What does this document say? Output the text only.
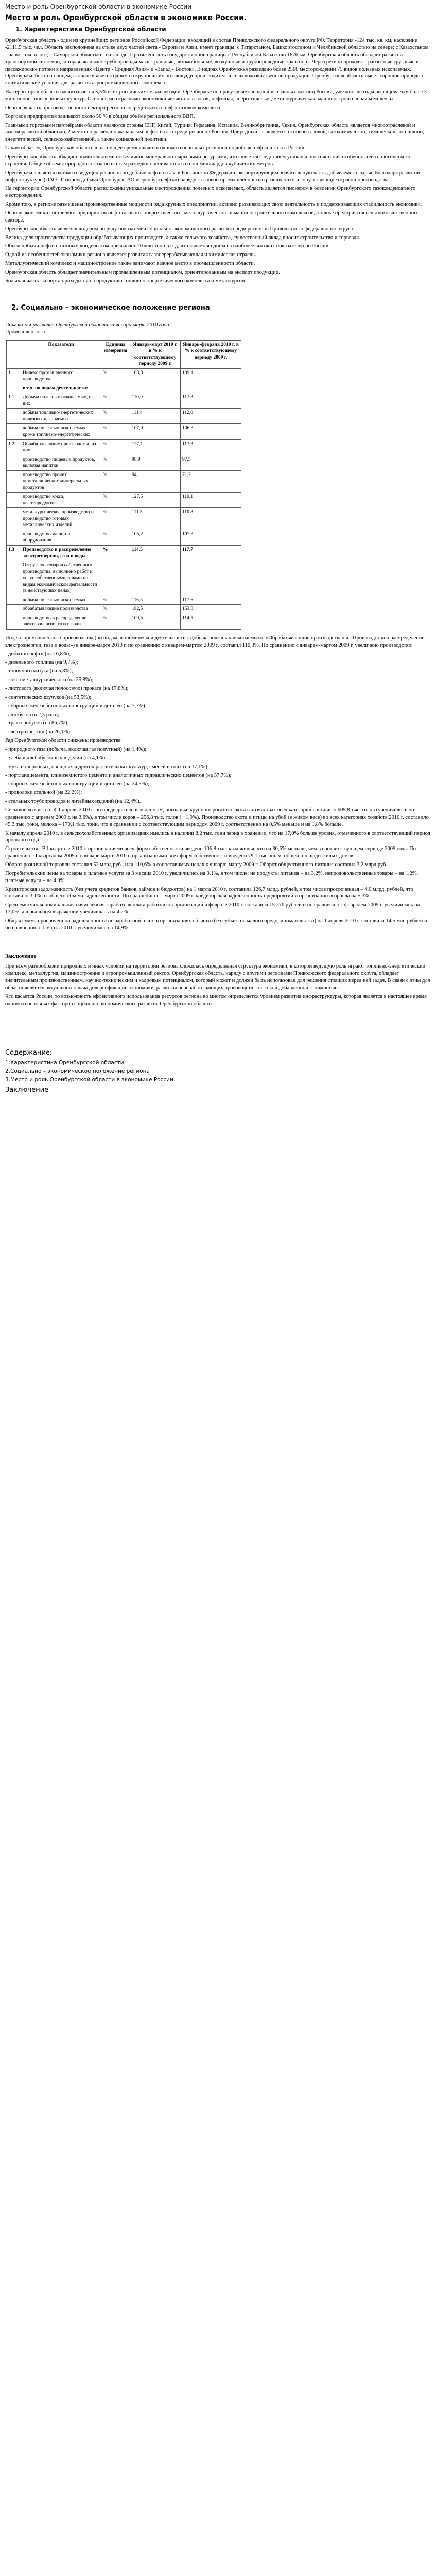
Место и роль Оренбургской области в экономике России
Место и роль Оренбургской области в экономике России.
1. Характеристика Оренбургской области

Оренбургская область - один из крупнейших регионов Российской Федерации, входящий в состав Приволжского федерального округа РФ. Территория -124 тыс. кв. км, население -2111,5 тыс. чел. Область расположена на стыке двух частей света - Европы и Азии, имеет границы: с Татарстаном, Башкортостаном и Челябинской областью на севере; с Казахстаном - на востоке и юге; с Самарской областью - на западе. Протяженность государственной границы с Республикой Казахстан 1876 км. Оренбургская область обладает развитой транспортной системой, которая включает трубопроводы магистральные, автомобильные, воздушные и трубопроводный транспорт. Через регион проходят транзитные грузовые и пассажирские потоки в направлениях «Центр - Средняя Азия» и «Запад - Восток». В недрах Оренбуржья разведано более 2500 месторождений 75 видов полезных ископаемых. Оренбуржье богато солнцем, а также является одним из крупнейших по площади производителей сельскохозяйственной продукции. Оренбургская область имеет хорошие природно-климатические условия для развития агропромышленного комплекса.

На территории области насчитывается 5,5% всех российских сельхозугодий. Оренбуржье по праву является одной из главных житниц России, уже многие годы выращивается более 3 миллионов тонн зерновых культур. Основными отраслями экономики являются: газовая, нефтяная, энергетическая, металлургическая, машиностроительная комплексы.

Основная часть производственного сектора региона сосредоточена в нефтегазовом комплексе.

Торговое предприятия занимают около 50 % в общем объёме регионального ВВП.

Главными торговыми партнёрами области являются страны СНГ, Китай, Турция, Германия, Испания, Великобритания, Чехия. Оренбургская область является многоотраслевой и высокоразвитой областью, 2 место по разведанным запасам нефти и газа среди регионов России. Природный газ является основой газовой, газохимической, химической, топливной, энергетической, сельскохозяйственной, а также социальной политики.

Таким образом, Оренбургская область в настоящее время является одним из основных регионов по добыче нефти и газа в России.

Оренбургская область обладает значительными по величине минерально-сырьевыми ресурсами, что является следствием уникального сочетания особенностей геологического строения. Общие объёмы природного газа по итогам разведки оцениваются в сотни миллиардов кубических метров.

Оренбуржье является одним из ведущих регионов по добыче нефти и газа в Российской Федерации, экспортирующим значительную часть добываемого сырья. Благодаря развитой инфраструктуре (ОАО «Газпром добыча Оренбург», АО «Оренбургнефть») наряду с газовой промышленностью развиваются и сопутствующие отрасли производства.

На территории Оренбургской области расположены уникальные месторождения полезных ископаемых, область является пионером в освоении Оренбургского газоконденсатного месторождения.

Кроме того, в регионе размещены производственные мощности ряда крупных предприятий, активно развивающих свою деятельность и поддерживающих стабильность экономики.

Основу экономики составляют предприятия нефтегазового, энергетического, металлургического и машиностроительного комплексов, а также предприятия сельскохозяйственного сектора.

Оренбургская область является лидером по ряду показателей социально-экономического развития среди регионов Приволжского федерального округа.

Велика доля производства продукции обрабатывающих производств, а также сельского хозяйства, существенный вклад вносит строительство и торговля.

Объём добычи нефти с газовым конденсатом превышает 20 млн тонн в год, что является одним из наиболее высоких показателей по России.

Одной из особенностей экономики региона является развитая газоперерабатывающая и химическая отрасль.

Металлургический комплекс и машиностроение также занимают важное место в промышленности области.

Оренбургская область обладает значительным промышленным потенциалом, ориентированным на экспорт продукции.

Большая часть экспорта приходится на продукцию топливно-энергетического комплекса и металлургии.

2. Социально – экономическое положение региона
Показатели развития Оренбургской области за январь-март 2010 года
Промышленность
	Показатели	Единица измерения	Январь-март 2010 г. в % к соответствующему периоду 2009 г.	Январь-февраль 2010 г. в % к соответствующему периоду 2009 г.
1.	Индекс промышленного производства	%	108,3	109,1
	в т.ч. по видам деятельности:			
1.1	Добыча полезных ископаемых, из них	%	110,0	117,3
	добыча топливно-энергетических полезных ископаемых	%	111,4	112,0
	добыча полезных ископаемых, кроме топливно-энергетических	%	107,9	106,3
1.2	Обрабатывающие производства, из них	%	127,1	117,3
	производство пищевых продуктов, включая напитки	%	98,9	97,5
	производство прочих неметаллических минеральных продуктов	%	94,1	71,2
	производство кокса, нефтепродуктов	%	127,5	119,1
	металлургическое производство и производство готовых металлических изделий	%	111,5	110,8
	производство машин и оборудования	%	105,2	107,3
1.3	Производство и распределение электроэнергии, газа и воды	%	114,5	117,7
	Отгружено товаров собственного производства, выполнено работ и услуг собственными силами по видам экономической деятельности (в действующих ценах)			
	добыча полезных ископаемых	%	116,3	117,6
	обрабатывающие производства	%	182,5	153,3
	производство и распределение электроэнергии, газа и воды	%	109,5	114,5

Индекс промышленного производства (по видам экономической деятельности «Добыча полезных ископаемых», «Обрабатывающие производства» и «Производство и распределение электроэнергии, газа и воды») в январе-марте 2010 г. по сравнению с январём-мартом 2009 г. составил 110,3%. По сравнению с январём-мартом 2009 г. увеличено производство:

- добытой нефти (на 16,8%);

- дизельного топлива (на 9,7%);

- топочного мазута (на 5,8%);

- кокса металлургического (на 35,8%);

- листового (включая полосовую) проката (на 17,8%);

- синтетических каучуков (на 53,5%);

- сборных железобетонных конструкций и деталей (на 7,7%);

- автобусов (в 2,5 раза);

- тракторобусов (на 86,7%);

- электроэнергии (на 26,1%).

Ряд Оренбургской области снижены производства:

- природного газа (добыча, включая газ попутный) (на 1,4%);

- хлеба и хлебобулочных изделий (на 4,1%);

- мука из зерновых, овощных и других растительных культур; смесей из них (на 17,1%);

- портландцемента, глиноземистого цемента и аналогичных гидравлических цементов (на 37,7%);

- сборных железобетонных конструкций и деталей (на 24,3%);

- проволоки стальной (на 22,2%);

- стальных трубопроводов и литейных изделий (на 12,4%).

Сельское хозяйство. К 1 апреля 2010 г. по предварительным данным, поголовье крупного рогатого скота в хозяйствах всех категорий составило 609,8 тыс. голов (увеличилось по сравнению с апрелем 2009 г. на 3,6%), в том числе коров – 256,8 тыс. голов (+ 1,9%). Производство скота и птицы на убой (в живом весе) во всех категориях хозяйств 2010 г. составило 45,3 тыс. тонн, молока – 170,1 тыс. тонн, что в сравнении с соответствующим периодом 2009 г. соответственно на 0,5% меньше и на 1,8% больше.

К началу апреля 2010 г. в сельскохозяйственных организациях имелись в наличии 8,2 тыс. тонн зерна в хранении, что на 17,0% больше уровня, отмеченного в соответствующий период прошлого года.

Строительство. В I квартале 2010 г. организациями всех форм собственности введено 106,8 тыс. кв.м жилья, что на 30,6% меньше, чем в соответствующем периоде 2009 года. По сравнению с I кварталом 2009 г. в январе-марте 2010 г. организациями всех форм собственности введено 79,1 тыс. кв. м. общей площади жилых домов.

Оборот розничной торговли составил 52 млрд руб., или 110,6% в сопоставимых ценах к январю-марту 2009 г. Оборот общественного питания составил 3,2 млрд руб.

Потребительские цены на товары и платные услуги за 3 месяца 2010 г. увеличились на 3,1%, в том числе: на продукты питания – на 3,2%, непродовольственные товары – на 1,2%, платные услуги – на 4,9%.

Кредиторская задолженность (без учёта кредитов банков, займов и бюджетов) на 1 марта 2010 г. составила 126,7 млрд. рублей, в том числе просроченная – 4,0 млрд. рублей, что составило 3,1% от общего объёма задолженности. По сравнению с 1 марта 2009 г. кредиторская задолженность предприятий и организаций возросла на 5,3%.

Среднемесячная номинальная начисленная заработная плата работников организаций в феврале 2010 г. составила 15 270 рублей и по сравнению с февралём 2009 г. увеличилась на 13,0%, а в реальном выражении увеличилась на 4,2%.

Общая сумма просроченной задолженности по заработной плате в организациях области (без субъектов малого предпринимательства) на 1 апреля 2010 г. составила 14,5 млн рублей и по сравнению с 1 марта 2010 г. увеличилась на 14,9%.

Заключение

При всем разнообразии природных и иных условий на территории региона сложилась определённая структура экономики, в которой ведущую роль играют топливно-энергетический комплекс, металлургия, машиностроение и агропромышленный сектор. Оренбургская область, наряду с другими регионами Приволжского федерального округа, обладает значительным производственным, научно-техническим и кадровым потенциалом, который может и должен быть использован для решения стоящих перед ней задач. В связи с этим для области является актуальной задача диверсификации экономики, развития перерабатывающих производств с высокой добавленной стоимостью.

Что касается России, то возможность эффективного использования ресурсов региона во многом определяется уровнем развития инфраструктуры, которая является в настоящее время одним из основных факторов социально-экономического развития Оренбургской области.

Содержание:
1.Характеристика Оренбургской области
2.Социально – экономическое положение региона
3.Место и роль Оренбургской области в экономике России
Заключение
